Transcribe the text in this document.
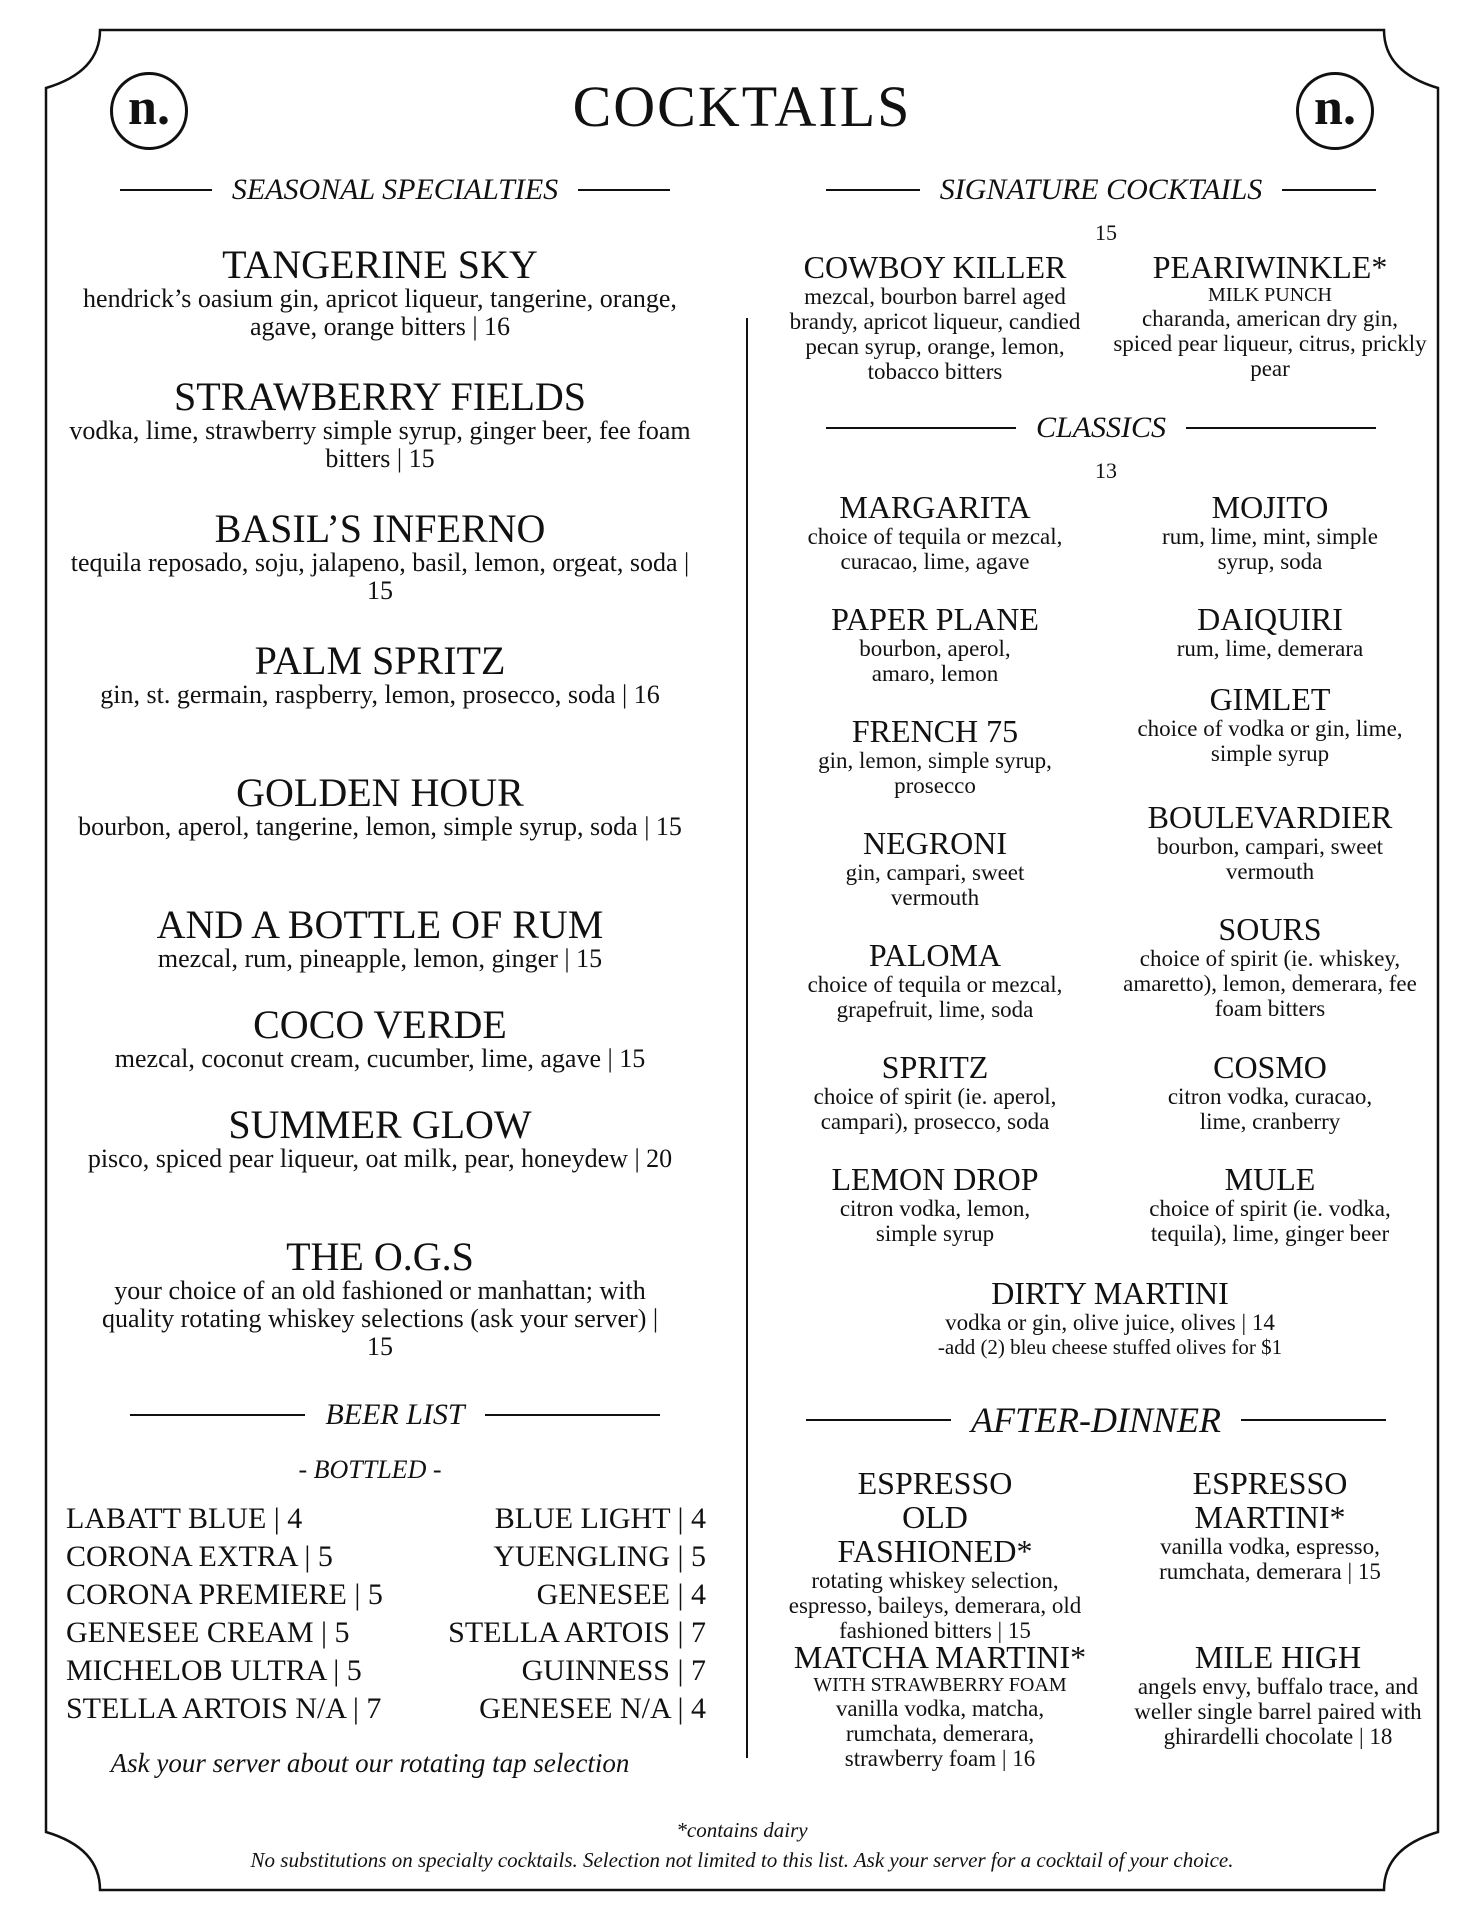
n.	n.
COCKTAILS
SEASONAL SPECIALTIES
TANGERINE SKY
hendrick’s oasium gin, apricot liqueur, tangerine, orange, agave, orange bitters | 16
STRAWBERRY FIELDS
vodka, lime, strawberry simple syrup, ginger beer, fee foam bitters | 15
BASIL’S INFERNO
tequila reposado, soju, jalapeno, basil, lemon, orgeat, soda | 15
PALM SPRITZ
gin, st. germain, raspberry, lemon, prosecco, soda | 16
GOLDEN HOUR
bourbon, aperol, tangerine, lemon, simple syrup, soda | 15
AND A BOTTLE OF RUM
mezcal, rum, pineapple, lemon, ginger | 15
COCO VERDE
mezcal, coconut cream, cucumber, lime, agave | 15
SUMMER GLOW
pisco, spiced pear liqueur, oat milk, pear, honeydew | 20
THE O.G.S
your choice of an old fashioned or manhattan; with quality rotating whiskey selections (ask your server) | 15
BEER LIST
- BOTTLED -
LABATT BLUE | 4	BLUE LIGHT | 4
CORONA EXTRA | 5	YUENGLING | 5
CORONA PREMIERE | 5	GENESEE | 4
GENESEE CREAM | 5	STELLA ARTOIS | 7
MICHELOB ULTRA | 5	GUINNESS | 7
STELLA ARTOIS N/A | 7	GENESEE N/A | 4
Ask your server about our rotating tap selection
SIGNATURE COCKTAILS
15
COWBOY KILLER
mezcal, bourbon barrel aged brandy, apricot liqueur, candied pecan syrup, orange, lemon, tobacco bitters
PEARIWINKLE*
MILK PUNCH
charanda, american dry gin, spiced pear liqueur, citrus, prickly pear
CLASSICS
13
MARGARITA
choice of tequila or mezcal, curacao, lime, agave
PAPER PLANE
bourbon, aperol, amaro, lemon
FRENCH 75
gin, lemon, simple syrup, prosecco
NEGRONI
gin, campari, sweet vermouth
PALOMA
choice of tequila or mezcal, grapefruit, lime, soda
SPRITZ
choice of spirit (ie. aperol, campari), prosecco, soda
LEMON DROP
citron vodka, lemon, simple syrup
MOJITO
rum, lime, mint, simple syrup, soda
DAIQUIRI
rum, lime, demerara
GIMLET
choice of vodka or gin, lime, simple syrup
BOULEVARDIER
bourbon, campari, sweet vermouth
SOURS
choice of spirit (ie. whiskey, amaretto), lemon, demerara, fee foam bitters
COSMO
citron vodka, curacao, lime, cranberry
MULE
choice of spirit (ie. vodka, tequila), lime, ginger beer
DIRTY MARTINI
vodka or gin, olive juice, olives | 14
-add (2) bleu cheese stuffed olives for $1
AFTER-DINNER
ESPRESSO OLD FASHIONED*
rotating whiskey selection, espresso, baileys, demerara, old fashioned bitters | 15
ESPRESSO MARTINI*
vanilla vodka, espresso, rumchata, demerara | 15
MATCHA MARTINI*
WITH STRAWBERRY FOAM
vanilla vodka, matcha, rumchata, demerara, strawberry foam | 16
MILE HIGH
angels envy, buffalo trace, and weller single barrel paired with ghirardelli chocolate | 18
*contains dairy
No substitutions on specialty cocktails. Selection not limited to this list. Ask your server for a cocktail of your choice.
